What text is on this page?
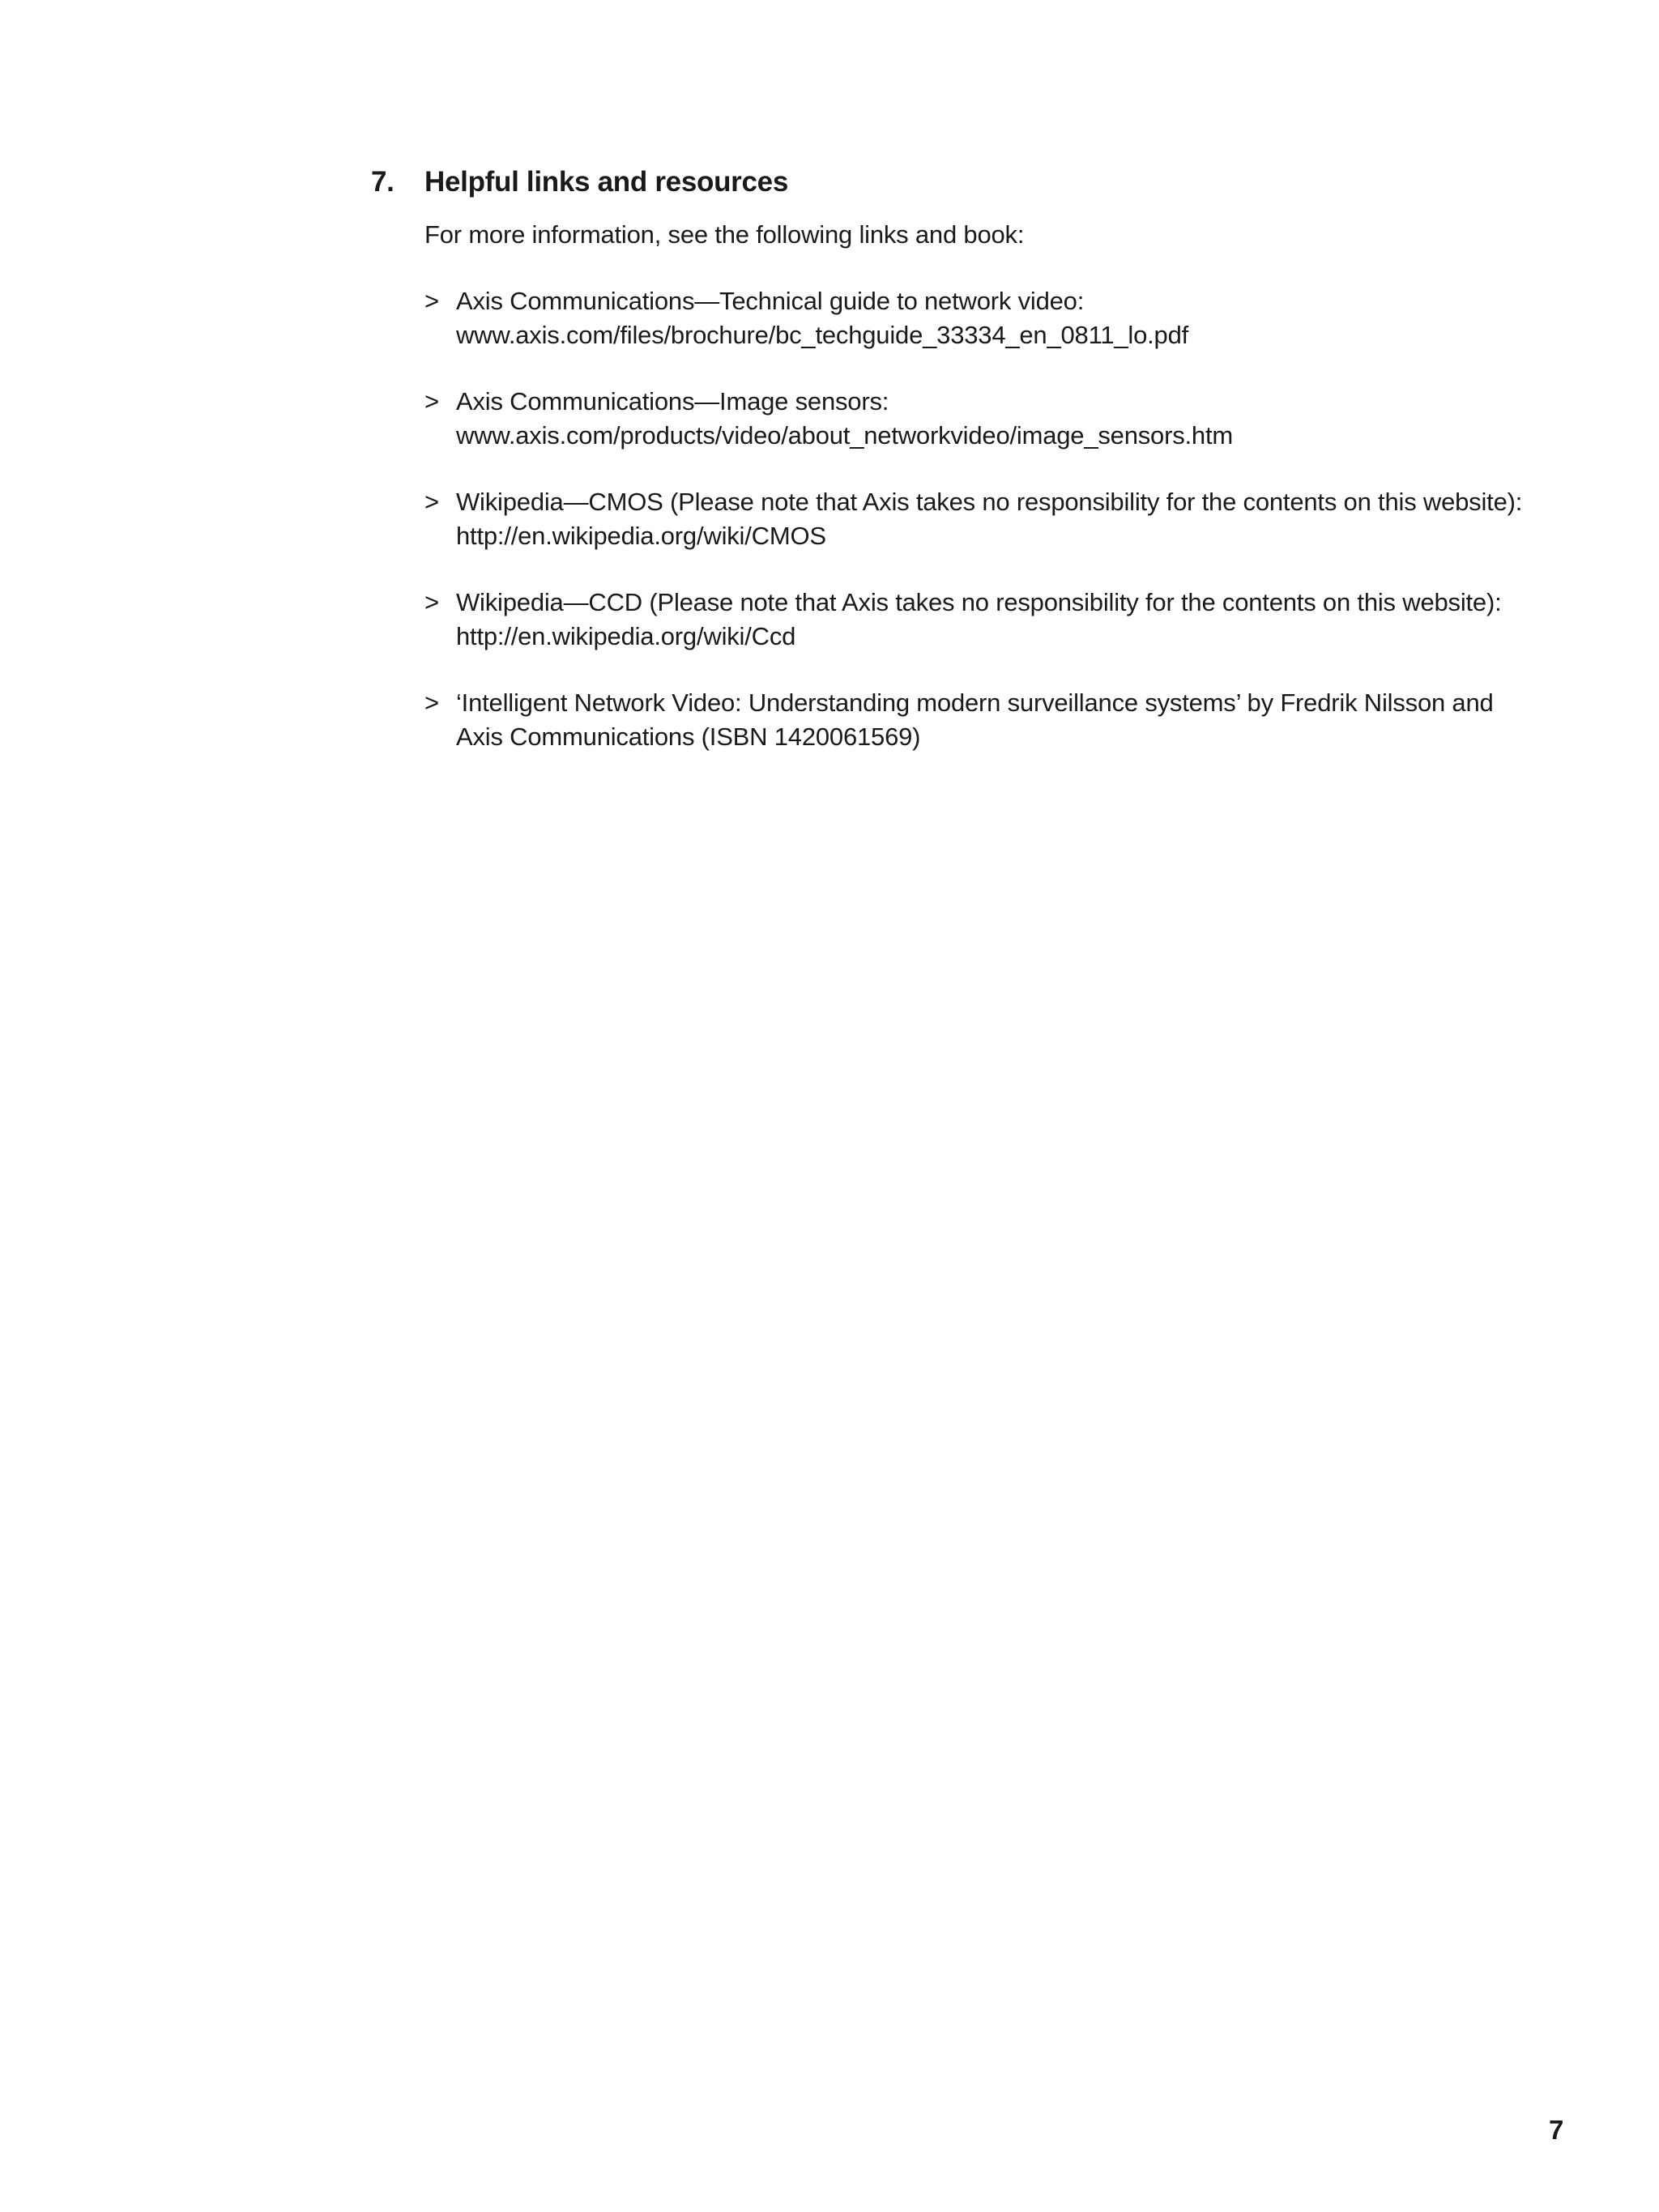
7.	Helpful links and resources
For more information, see the following links and book:
> Axis Communications—Technical guide to network video:
www.axis.com/files/brochure/bc_techguide_33334_en_0811_lo.pdf
> Axis Communications—Image sensors:
www.axis.com/products/video/about_networkvideo/image_sensors.htm
> Wikipedia—CMOS (Please note that Axis takes no responsibility for the contents on this website):
http://en.wikipedia.org/wiki/CMOS
> Wikipedia—CCD (Please note that Axis takes no responsibility for the contents on this website):
http://en.wikipedia.org/wiki/Ccd
> ‘Intelligent Network Video: Understanding modern surveillance systems’ by Fredrik Nilsson and
Axis Communications (ISBN 1420061569)
7
